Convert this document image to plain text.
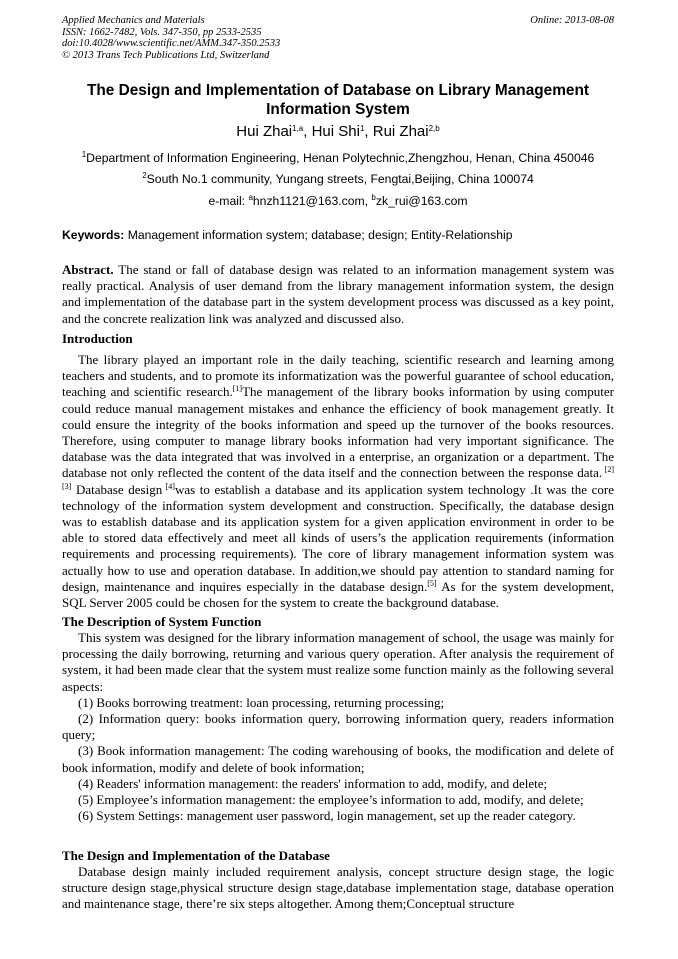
Applied Mechanics and Materials
ISSN: 1662-7482, Vols. 347-350, pp 2533-2535
doi:10.4028/www.scientific.net/AMM.347-350.2533
© 2013 Trans Tech Publications Ltd, Switzerland
Online: 2013-08-08
The Design and Implementation of Database on Library Management Information System
Hui Zhai$^{1,a}$, Hui Shi$^1$, Rui Zhai$^{2,b}$
$^1$Department of Information Engineering, Henan Polytechnic,Zhengzhou, Henan, China 450046
$^2$South No.1 community, Yungang streets, Fengtai,Beijing, China 100074
e-mail: $^a$hnzh1121@163.com, $^b$zk_rui@163.com
Keywords: Management information system; database; design; Entity-Relationship
Abstract. The stand or fall of database design was related to an information management system was really practical. Analysis of user demand from the library management information system, the design and implementation of the database part in the system development process was discussed as a key point, and the concrete realization link was analyzed and discussed also.
Introduction
The library played an important role in the daily teaching, scientific research and learning among teachers and students, and to promote its informatization was the powerful guarantee of school education, teaching and scientific research.[1]The management of the library books information by using computer could reduce manual management mistakes and enhance the efficiency of book management greatly. It could ensure the integrity of the books information and speed up the turnover of the books resources. Therefore, using computer to manage library books information had very important significance. The database was the data integrated that was involved in a enterprise, an organization or a department. The database not only reflected the content of the data itself and the connection between the response data. [2][3] Database design [4]was to establish a database and its application system technology .It was the core technology of the information system development and construction. Specifically, the database design was to establish database and its application system for a given application environment in order to be able to stored data effectively and meet all kinds of users’s the application requirements (information requirements and processing requirements). The core of library management information system was actually how to use and operation database. In addition,we should pay attention to standard naming for design, maintenance and inquires especially in the database design.[5] As for the system development, SQL Server 2005 could be chosen for the system to create the background database.
The Description of System Function

This system was designed for the library information management of school, the usage was mainly for processing the daily borrowing, returning and various query operation. After analysis the requirement of system, it had been made clear that the system must realize some function mainly as the following several aspects:

(1) Books borrowing treatment: loan processing, returning processing;

(2) Information query: books information query, borrowing information query, readers information query;

(3) Book information management: The coding warehousing of books, the modification and delete of book information, modify and delete of book information;

(4) Readers' information management: the readers' information to add, modify, and delete;

(5) Employee’s information management: the employee’s information to add, modify, and delete;

(6) System Settings: management user password, login management, set up the reader category.

The Design and Implementation of the Database
Database design mainly included requirement analysis, concept structure design stage, the logic structure design stage,physical structure design stage,database implementation stage, database operation and maintenance stage, there’re six steps altogether. Among them;Conceptual structure
